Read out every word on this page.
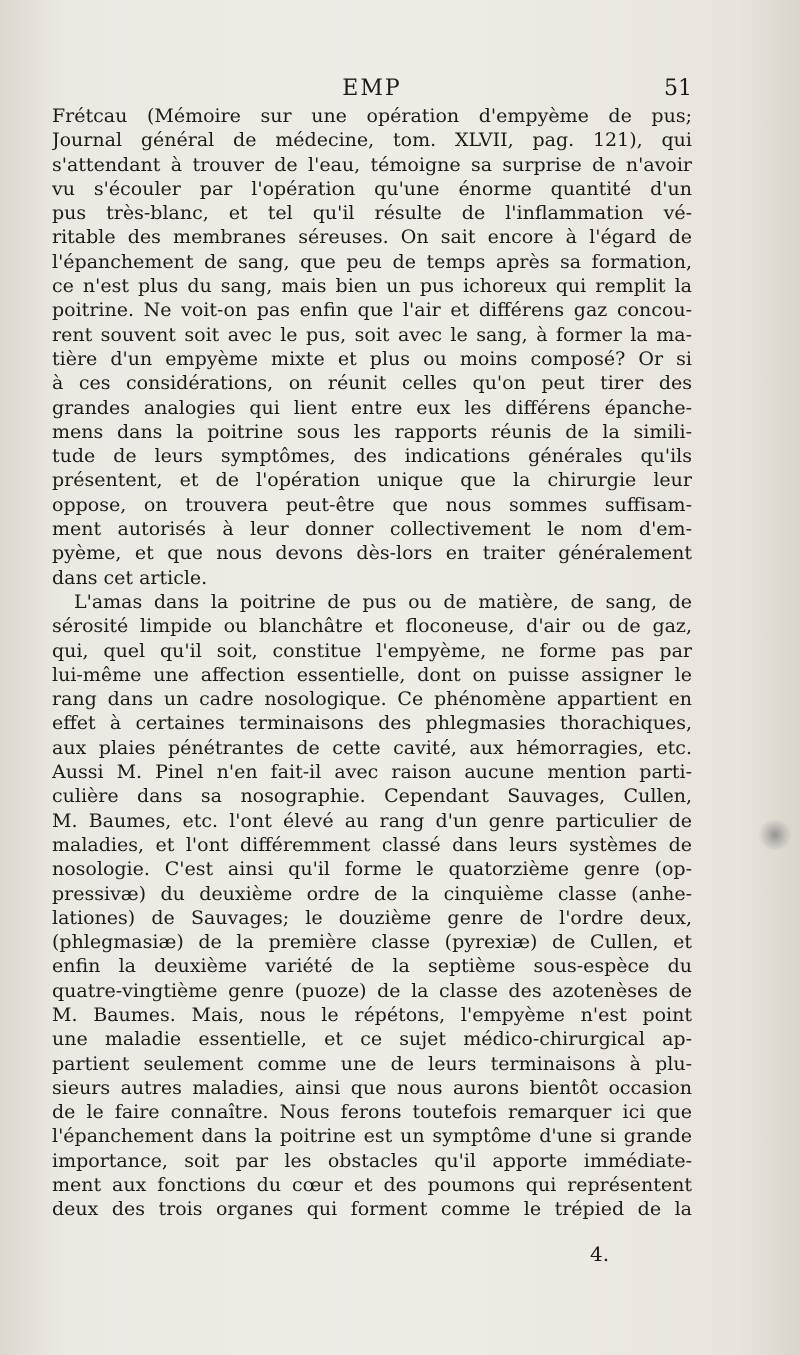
EMP	51
Frétcau (Mémoire sur une opération d'empyème de pus;
Journal général de médecine, tom. XLVII, pag. 121), qui
s'attendant à trouver de l'eau, témoigne sa surprise de n'avoir
vu s'écouler par l'opération qu'une énorme quantité d'un
pus très-blanc, et tel qu'il résulte de l'inflammation vé-
ritable des membranes séreuses. On sait encore à l'égard de
l'épanchement de sang, que peu de temps après sa formation,
ce n'est plus du sang, mais bien un pus ichoreux qui remplit la
poitrine. Ne voit-on pas enfin que l'air et différens gaz concou-
rent souvent soit avec le pus, soit avec le sang, à former la ma-
tière d'un empyème mixte et plus ou moins composé? Or si
à ces considérations, on réunit celles qu'on peut tirer des
grandes analogies qui lient entre eux les différens épanche-
mens dans la poitrine sous les rapports réunis de la simili-
tude de leurs symptômes, des indications générales qu'ils
présentent, et de l'opération unique que la chirurgie leur
oppose, on trouvera peut-être que nous sommes suffisam-
ment autorisés à leur donner collectivement le nom d'em-
pyème, et que nous devons dès-lors en traiter généralement
dans cet article.
L'amas dans la poitrine de pus ou de matière, de sang, de
sérosité limpide ou blanchâtre et floconeuse, d'air ou de gaz,
qui, quel qu'il soit, constitue l'empyème, ne forme pas par
lui-même une affection essentielle, dont on puisse assigner le
rang dans un cadre nosologique. Ce phénomène appartient en
effet à certaines terminaisons des phlegmasies thorachiques,
aux plaies pénétrantes de cette cavité, aux hémorragies, etc.
Aussi M. Pinel n'en fait-il avec raison aucune mention parti-
culière dans sa nosographie. Cependant Sauvages, Cullen,
M. Baumes, etc. l'ont élevé au rang d'un genre particulier de
maladies, et l'ont différemment classé dans leurs systèmes de
nosologie. C'est ainsi qu'il forme le quatorzième genre (op-
pressivæ) du deuxième ordre de la cinquième classe (anhe-
lationes) de Sauvages; le douzième genre de l'ordre deux,
(phlegmasiæ) de la première classe (pyrexiæ) de Cullen, et
enfin la deuxième variété de la septième sous-espèce du
quatre-vingtième genre (puoze) de la classe des azotenèses de
M. Baumes. Mais, nous le répétons, l'empyème n'est point
une maladie essentielle, et ce sujet médico-chirurgical ap-
partient seulement comme une de leurs terminaisons à plu-
sieurs autres maladies, ainsi que nous aurons bientôt occasion
de le faire connaître. Nous ferons toutefois remarquer ici que
l'épanchement dans la poitrine est un symptôme d'une si grande
importance, soit par les obstacles qu'il apporte immédiate-
ment aux fonctions du cœur et des poumons qui représentent
deux des trois organes qui forment comme le trépied de la
4.
